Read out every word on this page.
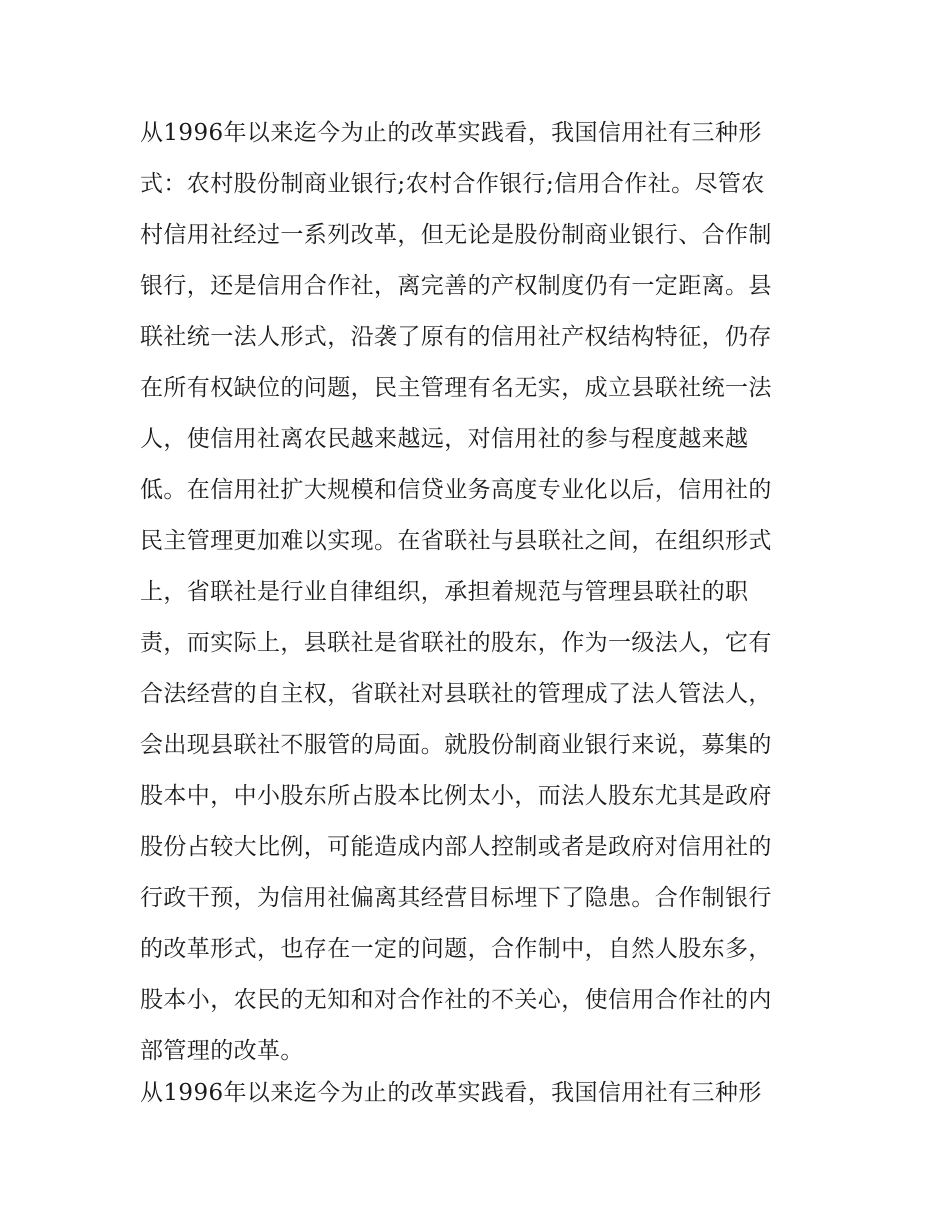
从1996年以来迄今为止的改革实践看，我国信用社有三种形
式：农村股份制商业银行;农村合作银行;信用合作社。尽管农
村信用社经过一系列改革，但无论是股份制商业银行、合作制
银行，还是信用合作社，离完善的产权制度仍有一定距离。县
联社统一法人形式，沿袭了原有的信用社产权结构特征，仍存
在所有权缺位的问题，民主管理有名无实，成立县联社统一法
人，使信用社离农民越来越远，对信用社的参与程度越来越
低。在信用社扩大规模和信贷业务高度专业化以后，信用社的
民主管理更加难以实现。在省联社与县联社之间，在组织形式
上，省联社是行业自律组织，承担着规范与管理县联社的职
责，而实际上，县联社是省联社的股东，作为一级法人，它有
合法经营的自主权，省联社对县联社的管理成了法人管法人，
会出现县联社不服管的局面。就股份制商业银行来说，募集的
股本中，中小股东所占股本比例太小，而法人股东尤其是政府
股份占较大比例，可能造成内部人控制或者是政府对信用社的
行政干预，为信用社偏离其经营目标埋下了隐患。合作制银行
的改革形式，也存在一定的问题，合作制中，自然人股东多，
股本小，农民的无知和对合作社的不关心，使信用合作社的内
部管理的改革。
从1996年以来迄今为止的改革实践看，我国信用社有三种形
